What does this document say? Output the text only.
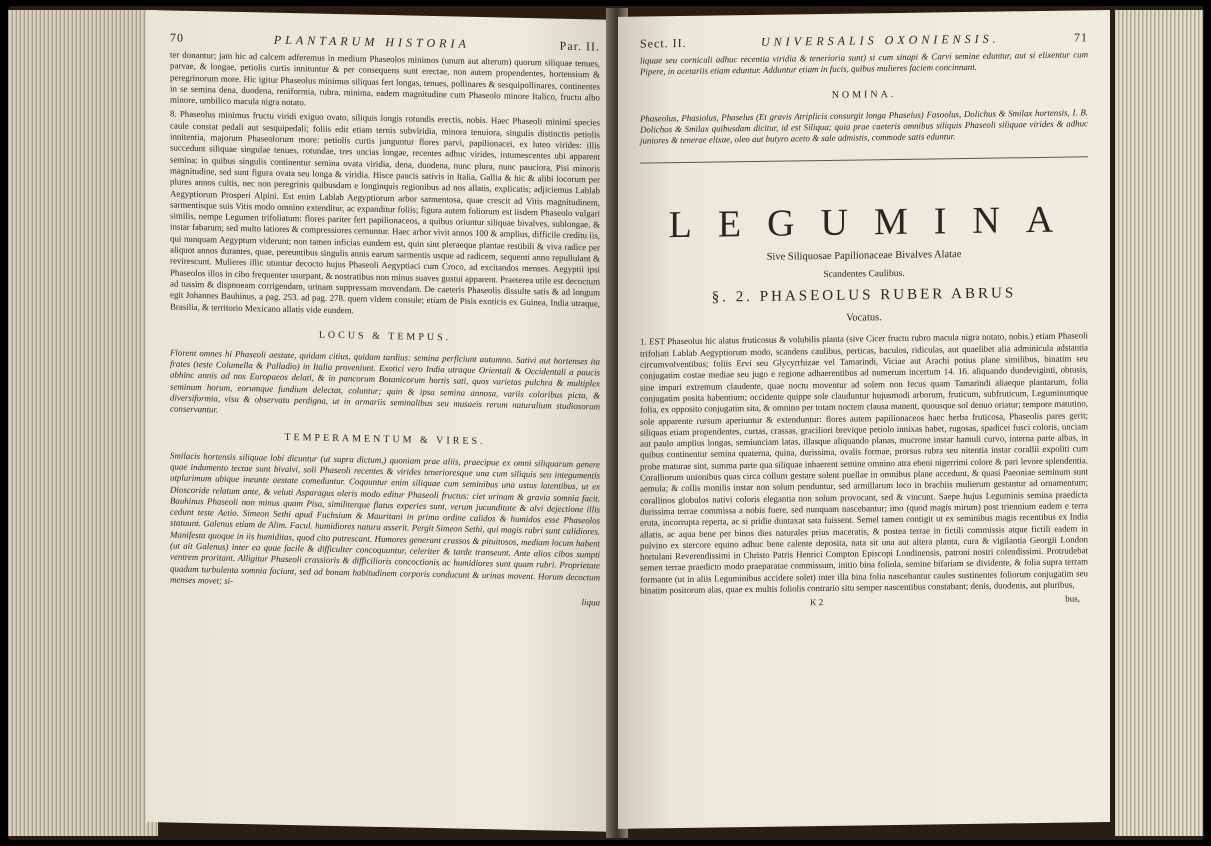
70	PLANTARUM HISTORIA	Par. II.

ter donantur; jam hic ad calcem adferemus in medium Phaseolos minimos (unum aut alterum) quorum siliquae tenues, parvae, & longae, petiolis curtis innituntur & per consequens sunt erectae, non autem propendentes, hortensium & peregrinorum more. Hic igitur Phaseolus minimus siliquas fert longas, tenues, pollinares & sesquipollinares, continentes in se semina dena, duodena, reniformia, rubra, minima, eadem magnitudine cum Phaseolo minore Italico, fructu albo minore, umbilico macula nigra notato.

8. Phaseolus minimus fructu viridi exiguo ovato, siliquis longis rotundis erectis, nobis. Haec Phaseoli minimi species caule constat pedali aut sesquipedali; foliis edit etiam ternis subviridia, minora tenuiora, singulis distinctis petiolis innitentia, majorum Phaseolorum more: petiolis curtis junguntur flores parvi, papilionacei, ex luteo virides: illis succedunt siliquae singulae tenues, rotundae, tres uncias longae, recentes adhuc virides, intumescentes ubi apparent semina; in quibus singulis continentur semina ovata viridia, dena, duodena, nunc plura, nunc pauciora, Pisi minoris magnitudine, sed sunt figura ovata seu longa & viridia. Hisce paucis sativis in Italia, Gallia & hic & alibi locorum per plures annos cultis, nec non peregrinis quibusdam e longinquis regionibus ad nos allatis, explicatis; adjiciemus Lablab Aegyptiorum Prosperi Alpini. Est enim Lablab Aegyptiorum arbor sarmentosa, quae crescit ad Vitis magnitudinem, sarmentisque suis Vitis modo omnino extenditur, ac expanditur foliis; figura autem foliorum est iisdem Phaseolo vulgari similis, nempe Legumen trifoliatum: flores pariter fert papilionaceos, a quibus oriuntur siliquae bivalves, sublongae, & instar fabarum; sed multo latiores & compressiores cernuntur. Haec arbor vivit annos 100 & amplius, difficile creditu iis, qui nunquam Aegyptum viderunt; non tamen inficias eundem est, quin sint pleraeque plantae restibili & viva radice per aliquot annos durantes, quae, pereuntibus singulis annis earum sarmentis usque ad radicem, sequenti anno repullulant & revirescunt. Mulieres illic utuntur decocto hujus Phaseoli Aegyptiaci cum Croco, ad excitandos menses. Aegyptii ipsi Phaseolos illos in cibo frequenter usurpant, & nostratibus non minus suaves gustui apparent. Praeterea utile est decoctum ad tussim & dispnoeam corrigendam, urinam suppressam movendam. De caeteris Phaseolis dissulte satis & ad longum egit Johannes Bauhinus, a pag. 253. ad pag. 278. quem videm consule; etiam de Pisis exoticis ex Guinea, India utraque, Brasilia, & territorio Mexicano allatis vide eundem.

LOCUS & TEMPUS.

Florent omnes hi Phaseoli aestate, quidam citius, quidam tardius: semina perficiunt autumno. Sativi aut hortenses ita frates (teste Columella & Palladio) in Italia proveniunt. Exotici vero India utraque Orientali & Occidentali a paucis abhinc annis ad nos Europaeos delati, & in pancorum Botanicorum hortis sati, quos varietas pulchra & multiplex seminum horum, eorumque fundium delectat, coluntur; quin & ipsa semina annosa, variis coloribus picta, & diversiformia, visu & observatu perdigna, ut in armariis seminalibus seu musaeis rerum naturalium studiosorum conservantur.

TEMPERAMENTUM & VIRES.

Smilacis hortensis siliquae lobi dicuntur (ut supra dictum,) quoniam prae aliis, praecipue ex omni siliquarum genere quae indumento tectae sunt bivalvi, soli Phaseoli recentes & virides tenerioresque una cum siliquis seu integumentis utplurimum ubique ineunte aestate comeduntur. Coquuntur enim siliquae cum seminibus una ustus latentibus, ut ex Dioscoride relatum ante, & veluti Asparagus oleris modo editur Phaseoli fructus: ciet urinam & gravia somnia facit. Bauhinus Phaseoli non minus quam Pisa, similiterque flatus experies sunt, verum jucunditate & alvi dejectione illis cedunt teste Aetio. Simeon Sethi apud Fuchsium & Mauritani in primo ordine calidos & humidos esse Phaseolos statuunt. Galenus etiam de Alim. Facul. humidiores natura asserit. Pergit Simeon Sethi, qui magis rubri sunt calidiores. Manifesta quoque in iis humiditas, quod cito putrescant. Humores generant crassos & pituitosos, mediam locum habent (ut ait Galenus) inter ea quae facile & difficulter concoquuntur, celeriter & tarde transeunt. Ante alios cibos sumpti ventrem proritant. Alligitur Phaseoli crassioris & difficilioris concoctionis ac humidiores sunt quam rubri. Proprietate quadam turbulenta somnia faciunt, sed ad bonam habitudinem corporis conducunt & urinas movent. Horum decoctum menses movet; si-

liqua
Sect. II.	UNIVERSALIS OXONIENSIS.	71

liquae seu corniculi adhuc recentia viridia & tenerioria sunt) si cum sinapi & Carvi semine eduntur, aut si elixentur cum Pipere, in acetariis etiam eduntur. Adduntur etiam in fucis, quibus mulieres faciem concinnant.

NOMINA.

Phaseolus, Phasiolus, Phaselus (Et gravis Atriplicis consurgit longa Phaselus) Fasoolus, Dolichus & Smilax hortensis, I. B. Dolichos & Smilax quibusdam dicitur, id est Siliqua; quia prae caeteris omnibus siliquis Phaseoli siliquae virides & adhuc juniores & tenerae elixae, oleo aut butyro aceto & sale admistis, commode satis eduntur.

LEGUMINA
Sive Siliquosae Papilionaceae Bivalves Alatae
Scandentes Caulibus.
§. 2. PHASEOLUS RUBER ABRUS
Vocatus.

1. EST Phaseolus hic alatus fruticosus & volubilis planta (sive Cicer fructu rubro macula nigra notato, nobis.) etiam Phaseoli trifoliati Lablab Aegyptiorum modo, scandens caulibus, perticas, baculos, ridiculas, aut quaelibet alia adminicula adstantia circumvolventibus; foliis Ervi seu Glycyrrhizae vel Tamarindi, Viciae aut Arachi potius plane similibus, binatim seu conjugatim costae mediae seu jugo e regione adhaerentibus ad numerum incertum 14. 16. aliquando duodeviginti, obtusis, sine impari extremum claudente, quae noctu moventur ad solem non fecus quam Tamarindi aliaeque plantarum, folia conjugatim posita habentium; occidente quippe sole clauduntur hujusmodi arborum, fruticum, subfruticum, Leguminumque folia, ex opposito conjugatim sita, & omnino per totam noctem clausa manent, quousque sol denuo oriatur; tempore matutino, sole apparente rursum aperiuntur & extenduntur: flores autem papilionaceos haec herba fruticosa, Phaseolis pares gerit; siliquas etiam propendentes, curtas, crassas, graciliori brevique petiolo innixas habet, rugosas, spadicei fusci coloris, unciam aut paulo amplius longas, semiunciam latas, illasque aliquando planas, mucrone instar hamuli curvo, interna parte albas, in quibus continentur semina quaterna, quina, durissima, ovalis formae, prorsus rubra seu nitentia instar corallii expoliti cum probe maturae sint, summa parte qua siliquae inhaerent semine omnino atra ebeni nigerrimi colore & pari levore splendentia. Coralliorum unionibus quas circa collum gestare solent puellae in omnibus plane accedunt, & quasi Paeoniae seminum sunt aemula; & collis monilis instar non solum penduntur, sed armillarum loco in brachiis mulierum gestantur ad ornamentum; corallinos globulos nativi coloris elegantia non solum provocant, sed & vincunt. Saepe hujus Leguminis semina praedicta durissima terrae commissa a nobis fuere, sed nunquam nascebantur; imo (quod magis mirum) post triennium eadem e terra eruta, incorrupta reperta, ac si pridie duntaxat sata fuissent. Semel tamen contigit ut ex seminibus magis recentibus ex India allatis, ac aqua bene per binos dies naturales prius maceratis, & postea terrae in fictili commissis atque fictili eadem in pulvino ex stercore equino adhuc bene calente deposita, nata sit una aut altera planta, cura & vigilantia Georgii London hortulani Reverendissimi in Christo Patris Henrici Compton Episcopi Londinensis, patroni nostri colendissimi. Protrudebat semen terrae praedicto modo praeparatae commissum, initio bina foliola, semine bifariam se dividente, & folia supra terram formante (ut in aliis Leguminibus accidere solet) inter illa bina folia nascebantur caules sustinentes foliorum conjugatim seu binatim positorum alas, quae ex multis foliolis contrario situ semper nascentibus constabant; denis, duodenis, aut pluribus,

K 2	bus,
